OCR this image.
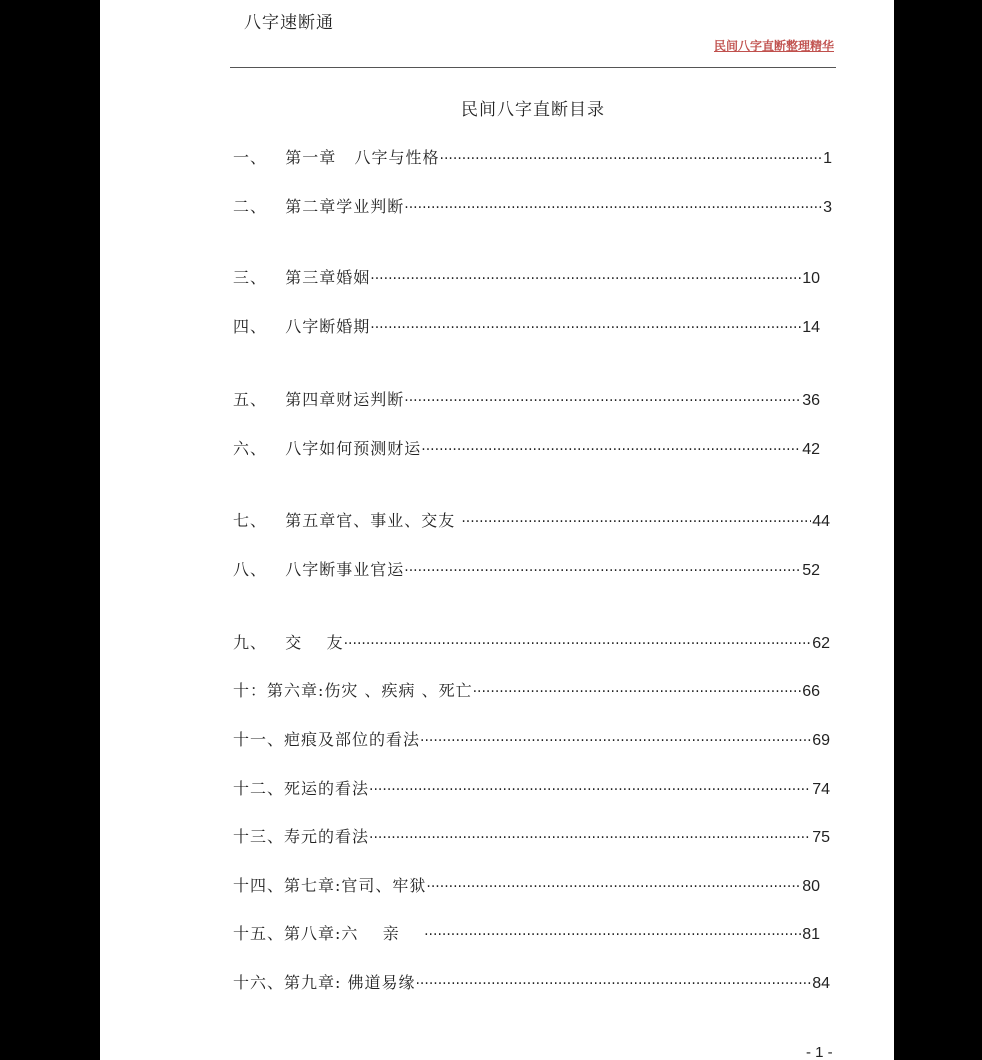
八字速断通
民间八字直断整理精华
民间八字直断目录
一、   第一章   八字与性格 ·····	1
二、   第二章学业判断 ·····	3
三、   第三章婚姻 ·····	10
四、   八字断婚期 ·····	14
五、   第四章财运判断 ·····	36
六、   八字如何预测财运 ·····	42
七、   第五章官、事业、交友 ·····	44
八、   八字断事业官运 ·····	52
九、   交    友 ·····	62
十：第六章:伤灾 、疾病 、死亡 ·····	66
十一、疤痕及部位的看法 ·····	69
十二、死运的看法 ·····	74
十三、寿元的看法 ·····	75
十四、第七章:官司、牢狱 ·····	80
十五、第八章:六    亲 ·····	81
十六、第九章: 佛道易缘 ·····	84
- 1 -
